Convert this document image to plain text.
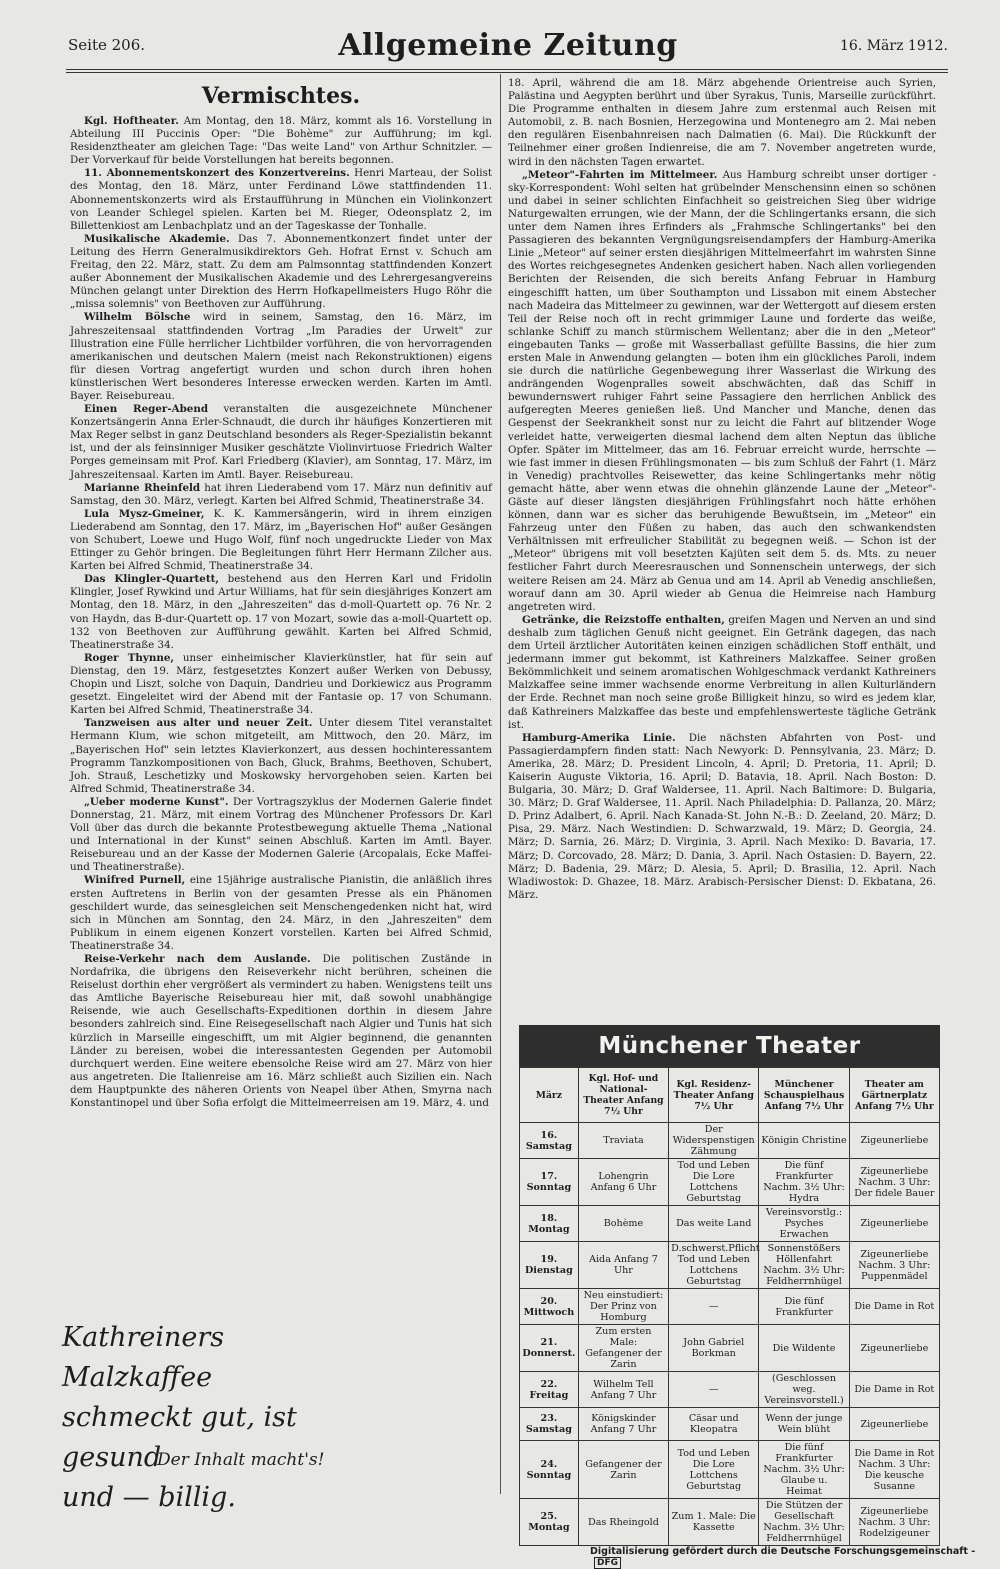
Seite 206.	Allgemeine Zeitung	16. März 1912.
Vermischtes.

Kgl. Hoftheater. Am Montag, den 18. März, kommt als 16. Vorstellung in Abteilung III Puccinis Oper: "Die Bohème" zur Aufführung; im kgl. Residenztheater am gleichen Tage: "Das weite Land" von Arthur Schnitzler. — Der Vorverkauf für beide Vorstellungen hat bereits begonnen.

11. Abonnementskonzert des Konzertvereins. Henri Marteau, der Solist des Montag, den 18. März, unter Ferdinand Löwe stattfindenden 11. Abonnementskonzerts wird als Erstaufführung in München ein Violinkonzert von Leander Schlegel spielen. Karten bei M. Rieger, Odeonsplatz 2, im Billettenkiost am Lenbachplatz und an der Tageskasse der Tonhalle.

Musikalische Akademie. Das 7. Abonnementkonzert findet unter der Leitung des Herrn Generalmusikdirektors Geh. Hofrat Ernst v. Schuch am Freitag, den 22. März, statt. Zu dem am Palmsonntag stattfindenden Konzert außer Abonnement der Musikalischen Akademie und des Lehrergesangvereins München gelangt unter Direktion des Herrn Hofkapellmeisters Hugo Röhr die „missa solemnis" von Beethoven zur Aufführung.

Wilhelm Bölsche wird in seinem, Samstag, den 16. März, im Jahreszeitensaal stattfindenden Vortrag „Im Paradies der Urwelt" zur Illustration eine Fülle herrlicher Lichtbilder vorführen, die von hervorragenden amerikanischen und deutschen Malern (meist nach Rekonstruktionen) eigens für diesen Vortrag angefertigt wurden und schon durch ihren hohen künstlerischen Wert besonderes Interesse erwecken werden. Karten im Amtl. Bayer. Reisebureau.

Einen Reger-Abend veranstalten die ausgezeichnete Münchener Konzertsängerin Anna Erler-Schnaudt, die durch ihr häufiges Konzertieren mit Max Reger selbst in ganz Deutschland besonders als Reger-Spezialistin bekannt ist, und der als feinsinniger Musiker geschätzte Violinvirtuose Friedrich Walter Porges gemeinsam mit Prof. Karl Friedberg (Klavier), am Sonntag, 17. März, im Jahreszeitensaal. Karten im Amtl. Bayer. Reisebureau.

Marianne Rheinfeld hat ihren Liederabend vom 17. März nun definitiv auf Samstag, den 30. März, verlegt. Karten bei Alfred Schmid, Theatinerstraße 34.

Lula Mysz-Gmeiner, K. K. Kammersängerin, wird in ihrem einzigen Liederabend am Sonntag, den 17. März, im „Bayerischen Hof" außer Gesängen von Schubert, Loewe und Hugo Wolf, fünf noch ungedruckte Lieder von Max Ettinger zu Gehör bringen. Die Begleitungen führt Herr Hermann Zilcher aus. Karten bei Alfred Schmid, Theatinerstraße 34.

Das Klingler-Quartett, bestehend aus den Herren Karl und Fridolin Klingler, Josef Rywkind und Artur Williams, hat für sein diesjähriges Konzert am Montag, den 18. März, in den „Jahreszeiten" das d-moll-Quartett op. 76 Nr. 2 von Haydn, das B-dur-Quartett op. 17 von Mozart, sowie das a-moll-Quartett op. 132 von Beethoven zur Aufführung gewählt. Karten bei Alfred Schmid, Theatinerstraße 34.

Roger Thynne, unser einheimischer Klavierkünstler, hat für sein auf Dienstag, den 19. März, festgesetztes Konzert außer Werken von Debussy, Chopin und Liszt, solche von Daquin, Dandrieu und Dorkiewicz aus Programm gesetzt. Eingeleitet wird der Abend mit der Fantasie op. 17 von Schumann. Karten bei Alfred Schmid, Theatinerstraße 34.

Tanzweisen aus alter und neuer Zeit. Unter diesem Titel veranstaltet Hermann Klum, wie schon mitgeteilt, am Mittwoch, den 20. März, im „Bayerischen Hof" sein letztes Klavierkonzert, aus dessen hochinteressantem Programm Tanzkompositionen von Bach, Gluck, Brahms, Beethoven, Schubert, Joh. Strauß, Leschetizky und Moskowsky hervorgehoben seien. Karten bei Alfred Schmid, Theatinerstraße 34.

„Ueber moderne Kunst". Der Vortragszyklus der Modernen Galerie findet Donnerstag, 21. März, mit einem Vortrag des Münchener Professors Dr. Karl Voll über das durch die bekannte Protestbewegung aktuelle Thema „National und International in der Kunst" seinen Abschluß. Karten im Amtl. Bayer. Reisebureau und an der Kasse der Modernen Galerie (Arcopalais, Ecke Maffei- und Theatinerstraße).

Winifred Purnell, eine 15jährige australische Pianistin, die anläßlich ihres ersten Auftretens in Berlin von der gesamten Presse als ein Phänomen geschildert wurde, das seinesgleichen seit Menschengedenken nicht hat, wird sich in München am Sonntag, den 24. März, in den „Jahreszeiten" dem Publikum in einem eigenen Konzert vorstellen. Karten bei Alfred Schmid, Theatinerstraße 34.

Reise-Verkehr nach dem Auslande. Die politischen Zustände in Nordafrika, die übrigens den Reiseverkehr nicht berühren, scheinen die Reiselust dorthin eher vergrößert als vermindert zu haben. Wenigstens teilt uns das Amtliche Bayerische Reisebureau hier mit, daß sowohl unabhängige Reisende, wie auch Gesellschafts-Expeditionen dorthin in diesem Jahre besonders zahlreich sind. Eine Reisegesellschaft nach Algier und Tunis hat sich kürzlich in Marseille eingeschifft, um mit Algier beginnend, die genannten Länder zu bereisen, wobei die interessantesten Gegenden per Automobil durchquert werden. Eine weitere ebensolche Reise wird am 27. März von hier aus angetreten. Die Italienreise am 16. März schließt auch Sizilien ein. Nach dem Hauptpunkte des näheren Orients von Neapel über Athen, Smyrna nach Konstantinopel und über Sofia erfolgt die Mittelmeerreisen am 19. März, 4. und

18. April, während die am 18. März abgehende Orientreise auch Syrien, Palästina und Aegypten berührt und über Syrakus, Tunis, Marseille zurückführt. Die Programme enthalten in diesem Jahre zum erstenmal auch Reisen mit Automobil, z. B. nach Bosnien, Herzegowina und Montenegro am 2. Mai neben den regulären Eisenbahnreisen nach Dalmatien (6. Mai). Die Rückkunft der Teilnehmer einer großen Indienreise, die am 7. November angetreten wurde, wird in den nächsten Tagen erwartet.

„Meteor"-Fahrten im Mittelmeer. Aus Hamburg schreibt unser dortiger -sky-Korrespondent: Wohl selten hat grübelnder Menschensinn einen so schönen und dabei in seiner schlichten Einfachheit so geistreichen Sieg über widrige Naturgewalten errungen, wie der Mann, der die Schlingertanks ersann, die sich unter dem Namen ihres Erfinders als „Frahmsche Schlingertanks" bei den Passagieren des bekannten Vergnügungsreisendampfers der Hamburg-Amerika Linie „Meteor" auf seiner ersten diesjährigen Mittelmeerfahrt im wahrsten Sinne des Wortes reichgesegnetes Andenken gesichert haben. Nach allen vorliegenden Berichten der Reisenden, die sich bereits Anfang Februar in Hamburg eingeschifft hatten, um über Southampton und Lissabon mit einem Abstecher nach Madeira das Mittelmeer zu gewinnen, war der Wettergott auf diesem ersten Teil der Reise noch oft in recht grimmiger Laune und forderte das weiße, schlanke Schiff zu manch stürmischem Wellentanz; aber die in den „Meteor" eingebauten Tanks — große mit Wasserballast gefüllte Bassins, die hier zum ersten Male in Anwendung gelangten — boten ihm ein glückliches Paroli, indem sie durch die natürliche Gegenbewegung ihrer Wasserlast die Wirkung des andrängenden Wogenpralles soweit abschwächten, daß das Schiff in bewundernswert ruhiger Fahrt seine Passagiere den herrlichen Anblick des aufgeregten Meeres genießen ließ. Und Mancher und Manche, denen das Gespenst der Seekrankheit sonst nur zu leicht die Fahrt auf blitzender Woge verleidet hatte, verweigerten diesmal lachend dem alten Neptun das übliche Opfer. Später im Mittelmeer, das am 16. Februar erreicht wurde, herrschte — wie fast immer in diesen Frühlingsmonaten — bis zum Schluß der Fahrt (1. März in Venedig) prachtvolles Reisewetter, das keine Schlingertanks mehr nötig gemacht hätte, aber wenn etwas die ohnehin glänzende Laune der „Meteor"-Gäste auf dieser längsten diesjährigen Frühlingsfahrt noch hätte erhöhen können, dann war es sicher das beruhigende Bewußtsein, im „Meteor" ein Fahrzeug unter den Füßen zu haben, das auch den schwankendsten Verhältnissen mit erfreulicher Stabilität zu begegnen weiß. — Schon ist der „Meteor" übrigens mit voll besetzten Kajüten seit dem 5. ds. Mts. zu neuer festlicher Fahrt durch Meeresrauschen und Sonnenschein unterwegs, der sich weitere Reisen am 24. März ab Genua und am 14. April ab Venedig anschließen, worauf dann am 30. April wieder ab Genua die Heimreise nach Hamburg angetreten wird.

Getränke, die Reizstoffe enthalten, greifen Magen und Nerven an und sind deshalb zum täglichen Genuß nicht geeignet. Ein Getränk dagegen, das nach dem Urteil ärztlicher Autoritäten keinen einzigen schädlichen Stoff enthält, und jedermann immer gut bekommt, ist Kathreiners Malzkaffee. Seiner großen Bekömmlichkeit und seinem aromatischen Wohlgeschmack verdankt Kathreiners Malzkaffee seine immer wachsende enorme Verbreitung in allen Kulturländern der Erde. Rechnet man noch seine große Billigkeit hinzu, so wird es jedem klar, daß Kathreiners Malzkaffee das beste und empfehlenswerteste tägliche Getränk ist.

Hamburg-Amerika Linie. Die nächsten Abfahrten von Post- und Passagierdampfern finden statt: Nach Newyork: D. Pennsylvania, 23. März; D. Amerika, 28. März; D. President Lincoln, 4. April; D. Pretoria, 11. April; D. Kaiserin Auguste Viktoria, 16. April; D. Batavia, 18. April. Nach Boston: D. Bulgaria, 30. März; D. Graf Waldersee, 11. April. Nach Baltimore: D. Bulgaria, 30. März; D. Graf Waldersee, 11. April. Nach Philadelphia: D. Pallanza, 20. März; D. Prinz Adalbert, 6. April. Nach Kanada-St. John N.-B.: D. Zeeland, 20. März; D. Pisa, 29. März. Nach Westindien: D. Schwarzwald, 19. März; D. Georgia, 24. März; D. Sarnia, 26. März; D. Virginia, 3. April. Nach Mexiko: D. Bavaria, 17. März; D. Corcovado, 28. März; D. Dania, 3. April. Nach Ostasien: D. Bayern, 22. März; D. Badenia, 29. März; D. Alesia, 5. April; D. Brasilia, 12. April. Nach Wladiwostok: D. Ghazee, 18. März. Arabisch-Persischer Dienst: D. Ekbatana, 26. März.

Kathreiners Malzkaffee
schmeckt gut, ist gesund
und — billig.
Der Inhalt macht's!
Münchener Theater
März	Kgl. Hof- und National-Theater Anfang 7½ Uhr	Kgl. Residenz-Theater Anfang 7½ Uhr	Münchener Schauspielhaus Anfang 7½ Uhr	Theater am Gärtnerplatz Anfang 7½ Uhr
16. Samstag	Traviata	Der Widerspenstigen Zähmung	Königin Christine	Zigeunerliebe
17. Sonntag	Lohengrin Anfang 6 Uhr	Tod und Leben Die Lore Lottchens Geburtstag	Die fünf Frankfurter Nachm. 3½ Uhr: Hydra	Zigeunerliebe Nachm. 3 Uhr: Der fidele Bauer
18. Montag	Bohème	Das weite Land	Vereinsvorstlg.: Psyches Erwachen	Zigeunerliebe
19. Dienstag	Aida Anfang 7 Uhr	D.schwerst.Pflicht Tod und Leben Lottchens Geburtstag	Sonnenstößers Höllenfahrt Nachm. 3½ Uhr: Feldherrnhügel	Zigeunerliebe Nachm. 3 Uhr: Puppenmädel
20. Mittwoch	Neu einstudiert: Der Prinz von Homburg	—	Die fünf Frankfurter	Die Dame in Rot
21. Donnerst.	Zum ersten Male: Gefangener der Zarin	John Gabriel Borkman	Die Wildente	Zigeunerliebe
22. Freitag	Wilhelm Tell Anfang 7 Uhr	—	(Geschlossen weg. Vereinsvorstell.)	Die Dame in Rot
23. Samstag	Königskinder Anfang 7 Uhr	Cäsar und Kleopatra	Wenn der junge Wein blüht	Zigeunerliebe
24. Sonntag	Gefangener der Zarin	Tod und Leben Die Lore Lottchens Geburtstag	Die fünf Frankfurter Nachm. 3½ Uhr: Glaube u. Heimat	Die Dame in Rot Nachm. 3 Uhr: Die keusche Susanne
25. Montag	Das Rheingold	Zum 1. Male: Die Kassette	Die Stützen der Gesellschaft Nachm. 3½ Uhr: Feldherrnhügel	Zigeunerliebe Nachm. 3 Uhr: Rodelzigeuner
Digitalisierung gefördert durch die Deutsche Forschungsgemeinschaft -DFG
